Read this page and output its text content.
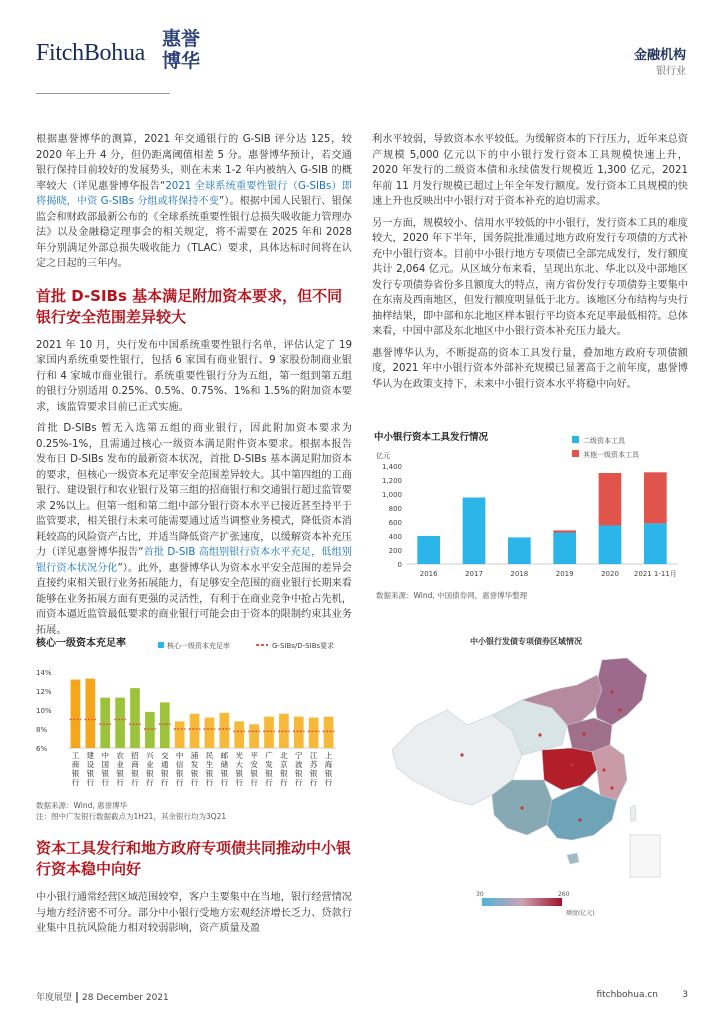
FitchBohua
惠誉博华	金融机构
银行业

根据惠誉博华的测算，2021 年交通银行的 G-SIB 评分达 125，较 2020 年上升 4 分，但仍距离阈值相差 5 分。惠誉博华预计，若交通银行保持目前较好的发展势头，则在未来 1-2 年内被纳入 G-SIB 的概率较大（详见惠誉博华报告“2021 全球系统重要性银行（G-SIBs）即将揭晓，中资 G-SIBs 分组或将保持不变”）。根据中国人民银行、银保监会和财政部最新公布的《全球系统重要性银行总损失吸收能力管理办法》以及金融稳定理事会的相关规定，将不需要在 2025 年和 2028 年分别满足外部总损失吸收能力（TLAC）要求，具体达标时间将在认定之日起的三年内。

首批 D-SIBs 基本满足附加资本要求，但不同银行安全范围差异较大

2021 年 10 月，央行发布中国系统重要性银行名单，评估认定了 19 家国内系统重要性银行，包括 6 家国有商业银行、9 家股份制商业银行和 4 家城市商业银行。系统重要性银行分为五组，第一组到第五组的银行分别适用 0.25%、0.5%、0.75%、1%和 1.5%的附加资本要求，该监管要求目前已正式实施。

首批 D-SIBs 暂无入选第五组的商业银行，因此附加资本要求为 0.25%-1%，且需通过核心一级资本满足附件资本要求。根据本报告发布日 D-SIBs 发布的最新资本状况，首批 D-SIBs 基本满足附加资本的要求，但核心一级资本充足率安全范围差异较大。其中第四组的工商银行、建设银行和农业银行及第三组的招商银行和交通银行超过监管要求 2%以上。但第一组和第二组中部分银行资本水平已接近甚至持平于监管要求，相关银行未来可能需要通过适当调整业务模式，降低资本消耗较高的风险资产占比，并适当降低资产扩张速度，以缓解资本补充压力（详见惠誉博华报告“首批 D-SIB 高组别银行资本水平充足，低组别银行资本状况分化”）。此外，惠誉博华认为资本水平安全范围的差异会直接约束相关银行业务拓展能力，有足够安全范围的商业银行长期来看能够在业务拓展方面有更强的灵活性，有利于在商业竞争中抢占先机，而资本逼近监管最低要求的商业银行可能会由于资本的限制约束其业务拓展。

核心一级资本充足率	核心一级资本充足率	G-SIBs/D-SIBs要求
14%
12%
10%
8%
6%
工
商
银
行
建
设
银
行
中
国
银
行
农
业
银
行
招
商
银
行
兴
业
银
行
交
通
银
行
中
信
银
行
浦
发
银
行
民
生
银
行
邮
储
银
行
光
大
银
行
平
安
银
行
广
发
银
行
北
京
银
行
宁
波
银
行
江
苏
银
行
上
海
银
行
数据来源：Wind, 惠誉博华
注：图中广发银行数据截点为1H21，其余银行均为3Q21
资本工具发行和地方政府专项债共同推动中小银行资本稳中向好

中小银行通常经营区域范围较窄，客户主要集中在当地，银行经营情况与地方经济密不可分。部分中小银行受地方宏观经济增长乏力、贷款行业集中且抗风险能力相对较弱影响，资产质量及盈

利水平较弱，导致资本水平较低。为缓解资本的下行压力，近年来总资产规模 5,000 亿元以下的中小银行发行资本工具规模快速上升，2020 年发行的二级资本债和永续债发行规模近 1,300 亿元，2021 年前 11 月发行规模已超过上年全年发行额度。发行资本工具规模的快速上升也反映出中小银行对于资本补充的迫切需求。

另一方面，规模较小、信用水平较低的中小银行，发行资本工具的难度较大，2020 年下半年，国务院批准通过地方政府发行专项债的方式补充中小银行资本。目前中小银行地方专项债已全部完成发行，发行额度共计 2,064 亿元。从区域分布来看，呈现出东北、华北以及中部地区发行专项债券省份多且额度大的特点，南方省份发行专项债券主要集中在东南及西南地区，但发行额度明显低于北方。该地区分布结构与央行抽样结果，即中部和东北地区样本银行平均资本充足率最低相符。总体来看，中国中部及东北地区中小银行资本补充压力最大。

惠誉博华认为，不断提高的资本工具发行量，叠加地方政府专项债额度，2021 年中小银行资本外部补充规模已显著高于之前年度，惠誉博华认为在政策支持下，未来中小银行资本水平将稳中向好。

中小银行资本工具发行情况
亿元
二级资本工具
其他一级资本工具
1,400
1,200
1,000
800
600
400
200
0
2016	2017	2018	2019	2020 2021 1-11月
数据来源：Wind, 中国债券网，惠誉博华整理
中小银行发债专项债券区域情况
30	260
额度(亿元)
年度展望 28 December 2021	fitchbohua.cn	3
